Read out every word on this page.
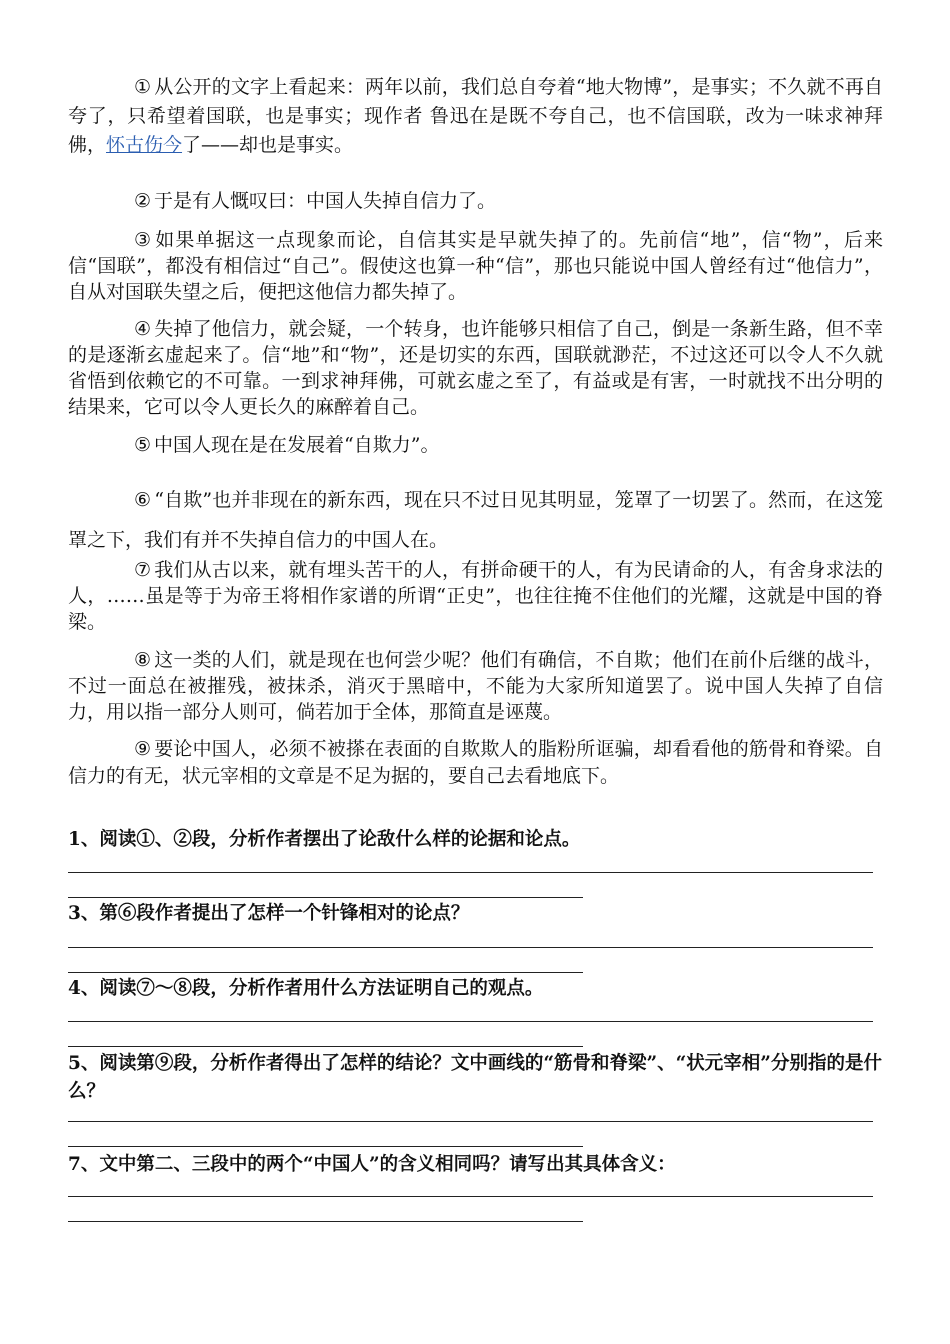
① 从公开的文字上看起来：两年以前，我们总自夸着“地大物博”，是事实；不久就不再自夸了，只希望着国联，也是事实；现作者 鲁迅在是既不夸自己，也不信国联，改为一味求神拜佛，怀古伤今了——却也是事实。

② 于是有人慨叹曰：中国人失掉自信力了。

③ 如果单据这一点现象而论，自信其实是早就失掉了的。先前信“地”，信“物”，后来信“国联”，都没有相信过“自己”。假使这也算一种“信”，那也只能说中国人曾经有过“他信力”，自从对国联失望之后，便把这他信力都失掉了。

④ 失掉了他信力，就会疑，一个转身，也许能够只相信了自己，倒是一条新生路，但不幸的是逐渐玄虚起来了。信“地”和“物”，还是切实的东西，国联就渺茫，不过这还可以令人不久就省悟到依赖它的不可靠。一到求神拜佛，可就玄虚之至了，有益或是有害，一时就找不出分明的结果来，它可以令人更长久的麻醉着自己。

⑤ 中国人现在是在发展着“自欺力”。

⑥ “自欺”也并非现在的新东西，现在只不过日见其明显，笼罩了一切罢了。然而，在这笼罩之下，我们有并不失掉自信力的中国人在。

⑦ 我们从古以来，就有埋头苦干的人，有拼命硬干的人，有为民请命的人，有舍身求法的人，……虽是等于为帝王将相作家谱的所谓“正史”，也往往掩不住他们的光耀，这就是中国的脊梁。

⑧ 这一类的人们，就是现在也何尝少呢？他们有确信，不自欺；他们在前仆后继的战斗，不过一面总在被摧残，被抹杀，消灭于黑暗中，不能为大家所知道罢了。说中国人失掉了自信力，用以指一部分人则可，倘若加于全体，那简直是诬蔑。

⑨ 要论中国人，必须不被搽在表面的自欺欺人的脂粉所诓骗，却看看他的筋骨和脊梁。自信力的有无，状元宰相的文章是不足为据的，要自己去看地底下。

1、阅读①、②段，分析作者摆出了论敌什么样的论据和论点。

3、第⑥段作者提出了怎样一个针锋相对的论点？

4、阅读⑦～⑧段，分析作者用什么方法证明自己的观点。

5、阅读第⑨段，分析作者得出了怎样的结论？文中画线的“筋骨和脊梁”、“状元宰相”分别指的是什么？

7、文中第二、三段中的两个“中国人”的含义相同吗？请写出其具体含义：
